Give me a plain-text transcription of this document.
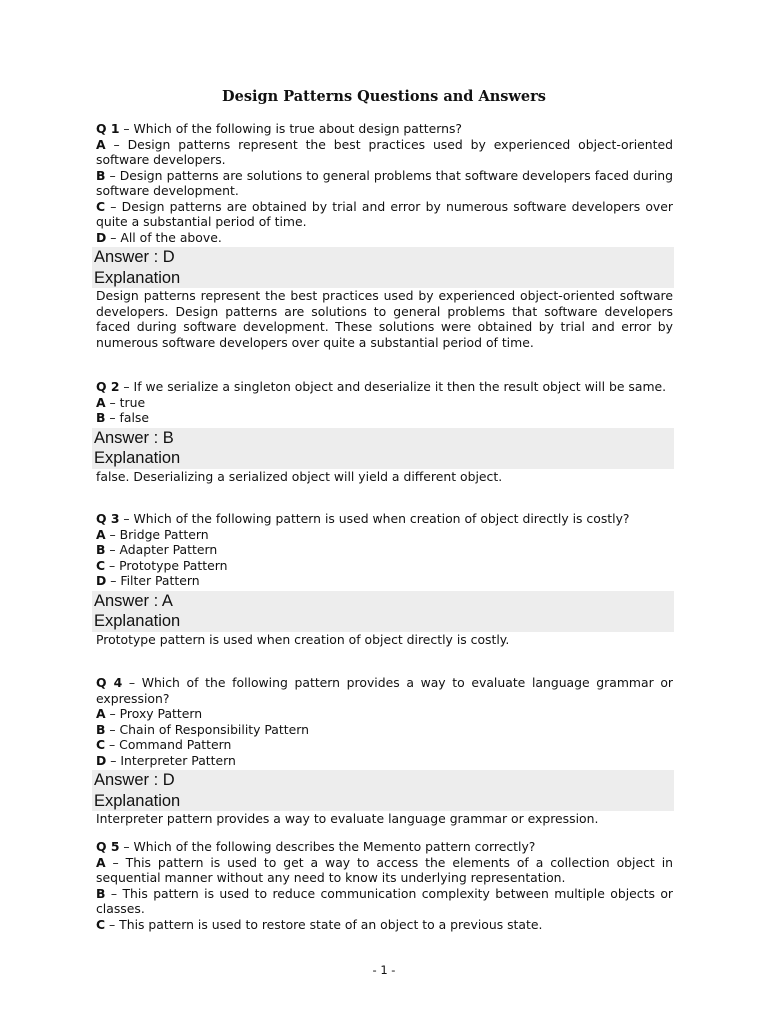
Design Patterns Questions and Answers
Q 1 – Which of the following is true about design patterns?
A – Design patterns represent the best practices used by experienced object-oriented software developers.
B – Design patterns are solutions to general problems that software developers faced during software development.
C – Design patterns are obtained by trial and error by numerous software developers over quite a substantial period of time.
D – All of the above.
Answer : D
Explanation
Design patterns represent the best practices used by experienced object-oriented software developers. Design patterns are solutions to general problems that software developers faced during software development. These solutions were obtained by trial and error by numerous software developers over quite a substantial period of time.
Q 2 – If we serialize a singleton object and deserialize it then the result object will be same.
A – true
B – false
Answer : B
Explanation
false. Deserializing a serialized object will yield a different object.
Q 3 – Which of the following pattern is used when creation of object directly is costly?
A – Bridge Pattern
B – Adapter Pattern
C – Prototype Pattern
D – Filter Pattern
Answer : A
Explanation
Prototype pattern is used when creation of object directly is costly.
Q 4 – Which of the following pattern provides a way to evaluate language grammar or expression?
A – Proxy Pattern
B – Chain of Responsibility Pattern
C – Command Pattern
D – Interpreter Pattern
Answer : D
Explanation
Interpreter pattern provides a way to evaluate language grammar or expression.
Q 5 – Which of the following describes the Memento pattern correctly?
A – This pattern is used to get a way to access the elements of a collection object in sequential manner without any need to know its underlying representation.
B – This pattern is used to reduce communication complexity between multiple objects or classes.
C – This pattern is used to restore state of an object to a previous state.
- 1 -
